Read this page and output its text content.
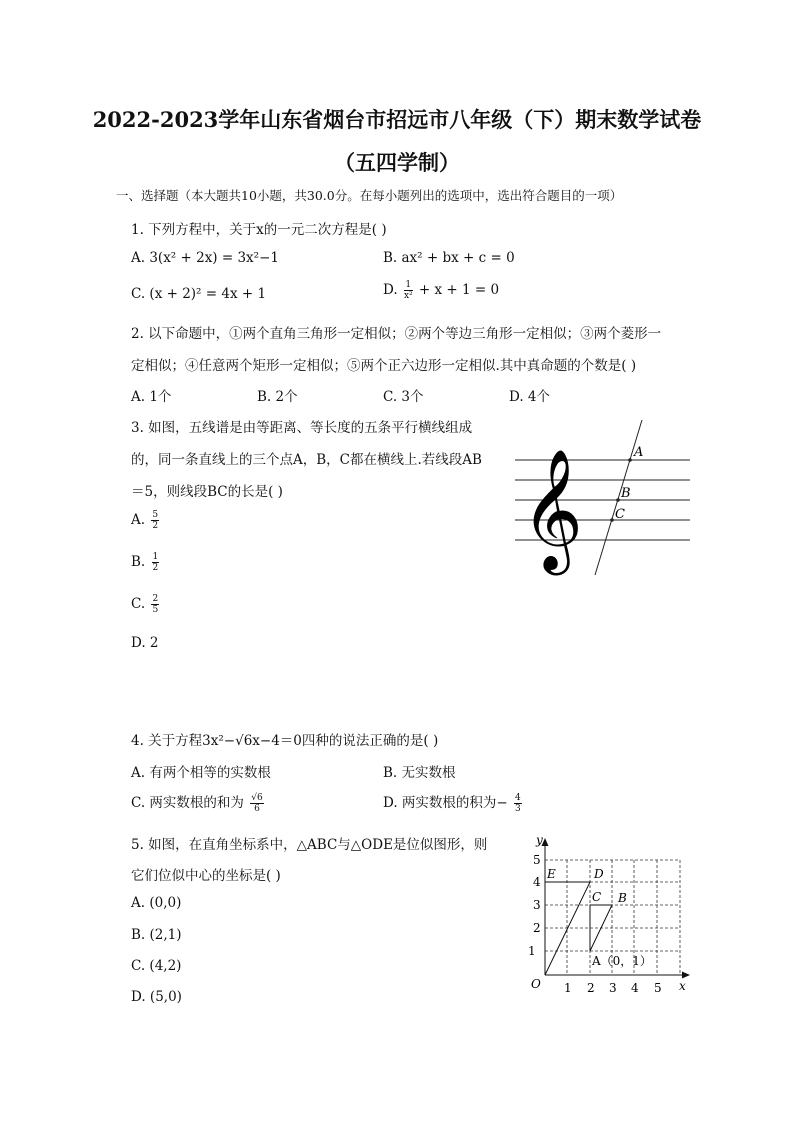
2022-2023学年山东省烟台市招远市八年级（下）期末数学试卷
（五四学制）
一、选择题（本大题共10小题，共30.0分。在每小题列出的选项中，选出符合题目的一项）
1. 下列方程中，关于x的一元二次方程是( )
A. 3(x² + 2x) = 3x²−1	B. ax² + bx + c = 0
C. (x + 2)² = 4x + 1	D. $\frac{1}{\text{x²}} + x + 1 = 0$
2. 以下命题中，①两个直角三角形一定相似；②两个等边三角形一定相似；③两个菱形一
定相似；④任意两个矩形一定相似；⑤两个正六边形一定相似.其中真命题的个数是( )
A. 1个	B. 2个	C. 3个	D. 4个
3. 如图，五线谱是由等距离、等长度的五条平行横线组成
的，同一条直线上的三个点A，B，C都在横线上.若线段AB
＝5，则线段BC的长是( )
A. $\frac{5}{2}$
B. $\frac{1}{2}$
C. $\frac{2}{5}$
D. 2
A
B
C
𝄞
4. 关于方程3x²−√6x−4＝0四种的说法正确的是( )
A. 有两个相等的实数根	B. 无实数根
C. 两实数根的和为 $\frac{√6}{6}$	D. 两实数根的积为− $\frac{4}{3}$
5. 如图，在直角坐标系中，△ABC与△ODE是位似图形，则
它们位似中心的坐标是( )
A. (0,0)
B. (2,1)
C. (4,2)
D. (5,0)
y
x
O 1 2 3 4 5
1
2
3
4
5
E	D
C B
A（0，1）
